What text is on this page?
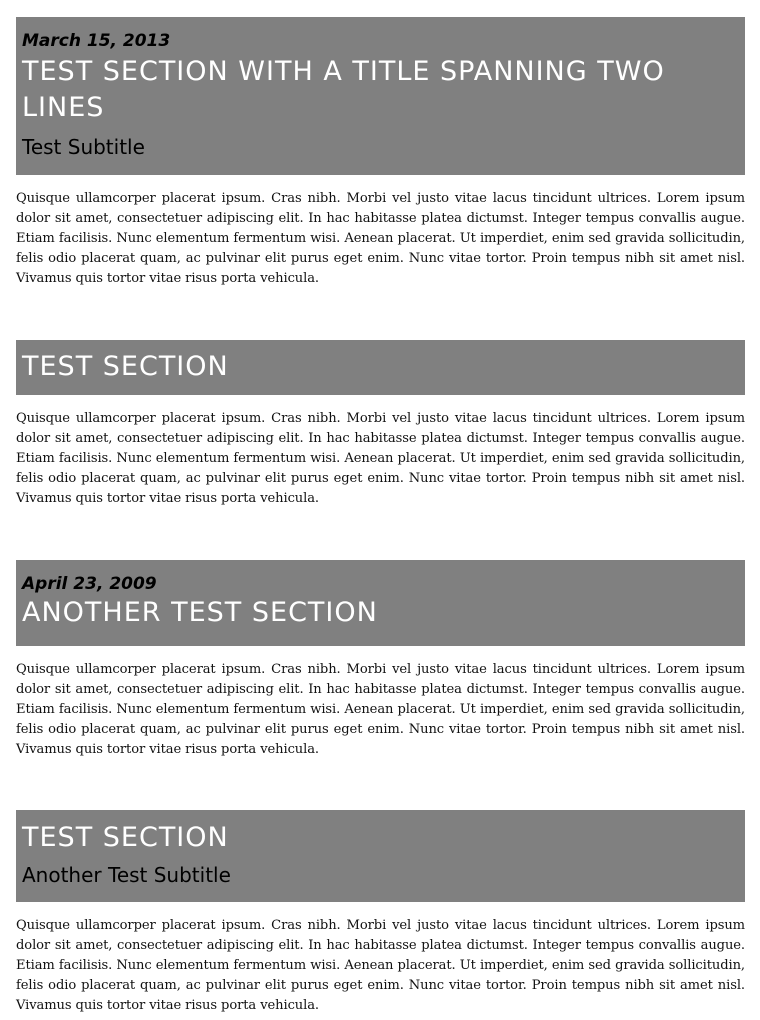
March 15, 2013
TEST SECTION WITH A TITLE SPANNING TWO LINES
Test Subtitle
Quisque ullamcorper placerat ipsum. Cras nibh. Morbi vel justo vitae lacus tincidunt ultrices. Lorem ipsum dolor sit amet, consectetuer adipiscing elit. In hac habitasse platea dictumst. Integer tempus convallis augue. Etiam facilisis. Nunc elementum fermentum wisi. Aenean placerat. Ut imperdiet, enim sed gravida sollicitudin, felis odio placerat quam, ac pulvinar elit purus eget enim. Nunc vitae tortor. Proin tempus nibh sit amet nisl. Vivamus quis tortor vitae risus porta vehicula.
TEST SECTION
Quisque ullamcorper placerat ipsum. Cras nibh. Morbi vel justo vitae lacus tincidunt ultrices. Lorem ipsum dolor sit amet, consectetuer adipiscing elit. In hac habitasse platea dictumst. Integer tempus convallis augue. Etiam facilisis. Nunc elementum fermentum wisi. Aenean placerat. Ut imperdiet, enim sed gravida sollicitudin, felis odio placerat quam, ac pulvinar elit purus eget enim. Nunc vitae tortor. Proin tempus nibh sit amet nisl. Vivamus quis tortor vitae risus porta vehicula.
April 23, 2009
ANOTHER TEST SECTION
Quisque ullamcorper placerat ipsum. Cras nibh. Morbi vel justo vitae lacus tincidunt ultrices. Lorem ipsum dolor sit amet, consectetuer adipiscing elit. In hac habitasse platea dictumst. Integer tempus convallis augue. Etiam facilisis. Nunc elementum fermentum wisi. Aenean placerat. Ut imperdiet, enim sed gravida sollicitudin, felis odio placerat quam, ac pulvinar elit purus eget enim. Nunc vitae tortor. Proin tempus nibh sit amet nisl. Vivamus quis tortor vitae risus porta vehicula.
TEST SECTION
Another Test Subtitle
Quisque ullamcorper placerat ipsum. Cras nibh. Morbi vel justo vitae lacus tincidunt ultrices. Lorem ipsum dolor sit amet, consectetuer adipiscing elit. In hac habitasse platea dictumst. Integer tempus convallis augue. Etiam facilisis. Nunc elementum fermentum wisi. Aenean placerat. Ut imperdiet, enim sed gravida sollicitudin, felis odio placerat quam, ac pulvinar elit purus eget enim. Nunc vitae tortor. Proin tempus nibh sit amet nisl. Vivamus quis tortor vitae risus porta vehicula.
